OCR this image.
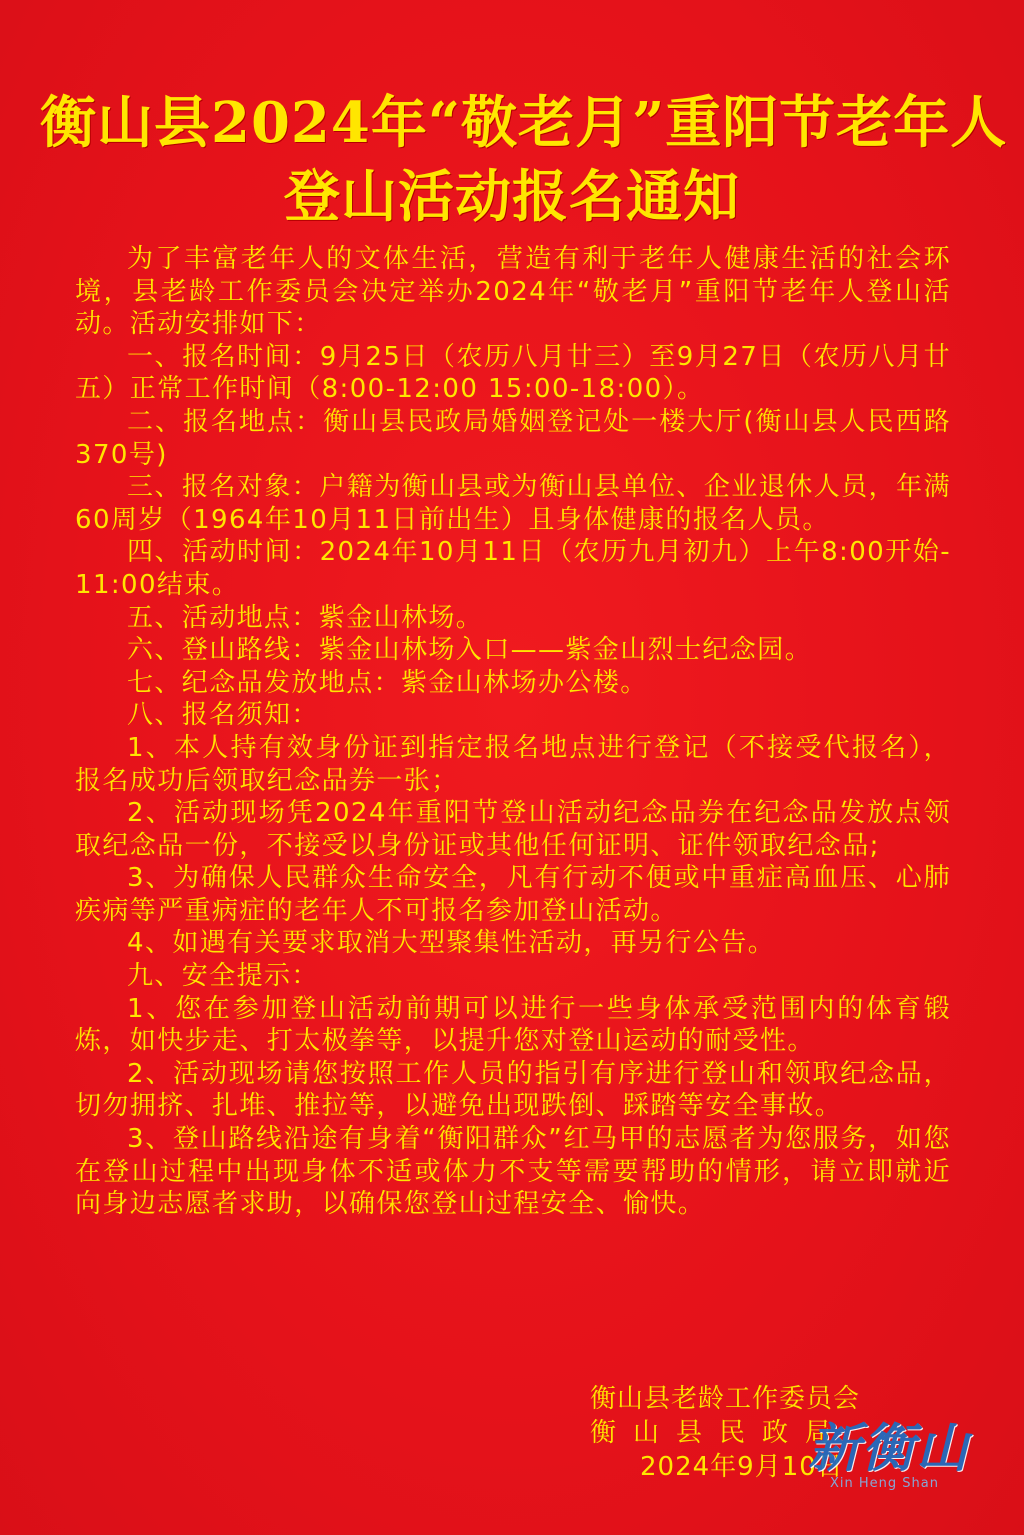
衡山县2024年“敬老月”重阳节老年人
登山活动报名通知

为了丰富老年人的文体生活，营造有利于老年人健康生活的社会环境，县老龄工作委员会决定举办2024年“敬老月”重阳节老年人登山活动。活动安排如下：

一、报名时间：9月25日（农历八月廿三）至9月27日（农历八月廿五）正常工作时间（8:00-12:00 15:00-18:00）。

二、报名地点：衡山县民政局婚姻登记处一楼大厅(衡山县人民西路370号)

三、报名对象：户籍为衡山县或为衡山县单位、企业退休人员，年满60周岁（1964年10月11日前出生）且身体健康的报名人员。

四、活动时间：2024年10月11日（农历九月初九）上午8:00开始-11:00结束。

五、活动地点：紫金山林场。

六、登山路线：紫金山林场入口——紫金山烈士纪念园。

七、纪念品发放地点：紫金山林场办公楼。

八、报名须知：

1、本人持有效身份证到指定报名地点进行登记（不接受代报名），报名成功后领取纪念品券一张；

2、活动现场凭2024年重阳节登山活动纪念品券在纪念品发放点领取纪念品一份，不接受以身份证或其他任何证明、证件领取纪念品;

3、为确保人民群众生命安全，凡有行动不便或中重症高血压、心肺疾病等严重病症的老年人不可报名参加登山活动。

4、如遇有关要求取消大型聚集性活动，再另行公告。

九、安全提示：

1、您在参加登山活动前期可以进行一些身体承受范围内的体育锻炼，如快步走、打太极拳等，以提升您对登山运动的耐受性。

2、活动现场请您按照工作人员的指引有序进行登山和领取纪念品，切勿拥挤、扎堆、推拉等，以避免出现跌倒、踩踏等安全事故。

3、登山路线沿途有身着“衡阳群众”红马甲的志愿者为您服务，如您在登山过程中出现身体不适或体力不支等需要帮助的情形，请立即就近向身边志愿者求助，以确保您登山过程安全、愉快。

衡山县老龄工作委员会
衡山县民政局
2024年9月10日
新衡山
Xin Heng Shan
